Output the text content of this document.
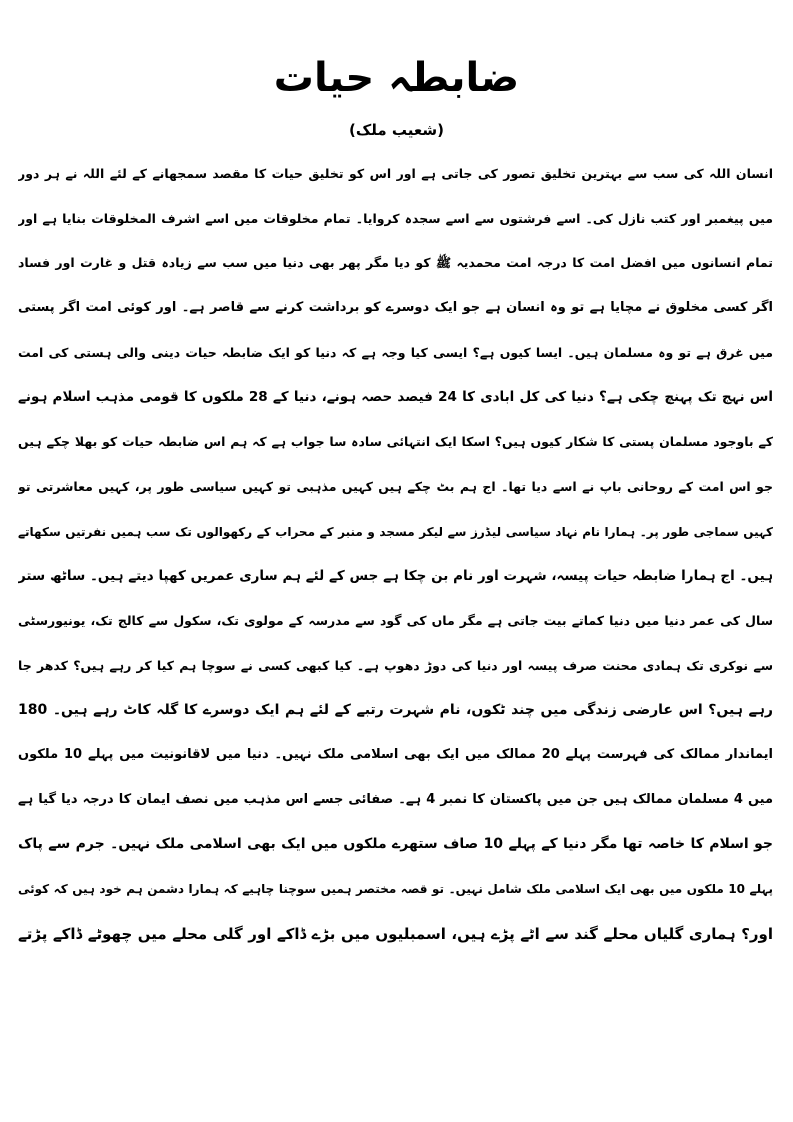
ضابطہ حیات
(شعیب ملک)
انسان اللہ کی سب سے بہترین تخلیق تصور کی جاتی ہے اور اس کو تخلیق حیات کا مقصد سمجھانے کے لئے اللہ نے ہر دور
میں پیغمبر اور کتب نازل کی۔ اسے فرشتوں سے اسے سجدہ کروایا۔ تمام مخلوقات میں اسے اشرف المخلوقات بنایا ہے اور
تمام انسانوں میں افضل امت کا درجہ امت محمدیہ ﷺ کو دیا مگر پھر بھی دنیا میں سب سے زیادہ قتل و غارت اور فساد
اگر کسی مخلوق نے مچایا ہے تو وہ انسان ہے جو ایک دوسرے کو برداشت کرنے سے قاصر ہے۔ اور کوئی امت اگر پستی
میں غرق ہے تو وہ مسلمان ہیں۔ ایسا کیوں ہے؟ ایسی کیا وجہ ہے کہ دنیا کو ایک ضابطہ حیات دینی والی ہستی کی امت
اس نہج تک پہنچ چکی ہے؟ دنیا کی کل ابادی کا 24 فیصد حصہ ہونے، دنیا کے 28 ملکوں کا قومی مذہب اسلام ہونے
کے باوجود مسلمان پستی کا شکار کیوں ہیں؟ اسکا ایک انتہائی سادہ سا جواب ہے کہ ہم اس ضابطہ حیات کو بھلا چکے ہیں
جو اس امت کے روحانی باپ نے اسے دیا تھا۔ اج ہم بٹ چکے ہیں کہیں مذہبی تو کہیں سیاسی طور پر، کہیں معاشرتی تو
کہیں سماجی طور پر۔ ہمارا نام نہاد سیاسی لیڈرز سے لیکر مسجد و منبر کے محراب کے رکھوالوں تک سب ہمیں نفرتیں سکھاتے
ہیں۔ اج ہمارا ضابطہ حیات پیسہ، شہرت اور نام بن چکا ہے جس کے لئے ہم ساری عمریں کھپا دیتے ہیں۔ ساٹھ ستر
سال کی عمر دنیا میں دنیا کماتے بیت جاتی ہے مگر ماں کی گود سے مدرسہ کے مولوی تک، سکول سے کالج تک، یونیورسٹی
سے نوکری تک ہمادی محنت صرف پیسہ اور دنیا کی دوڑ دھوپ ہے۔ کیا کبھی کسی نے سوچا ہم کیا کر رہے ہیں؟ کدھر جا
رہے ہیں؟ اس عارضی زندگی میں چند ٹکوں، نام شہرت رتبے کے لئے ہم ایک دوسرے کا گلہ کاٹ رہے ہیں۔ 180
ایماندار ممالک کی فہرست پہلے 20 ممالک میں ایک بھی اسلامی ملک نہیں۔ دنیا میں لاقانونیت میں پہلے 10 ملکوں
میں 4 مسلمان ممالک ہیں جن میں پاکستان کا نمبر 4 ہے۔ صفائی جسے اس مذہب میں نصف ایمان کا درجہ دیا گیا ہے
جو اسلام کا خاصہ تھا مگر دنیا کے پہلے 10 صاف ستھرے ملکوں میں ایک بھی اسلامی ملک نہیں۔ جرم سے پاک
پہلے 10 ملکوں میں بھی ایک اسلامی ملک شامل نہیں۔ تو قصہ مختصر ہمیں سوچنا چاہیے کہ ہمارا دشمن ہم خود ہیں کہ کوئی
اور؟ ہماری گلیاں محلے گند سے اٹے پڑے ہیں، اسمبلیوں میں بڑے ڈاکے اور گلی محلے میں چھوٹے ڈاکے پڑتے
